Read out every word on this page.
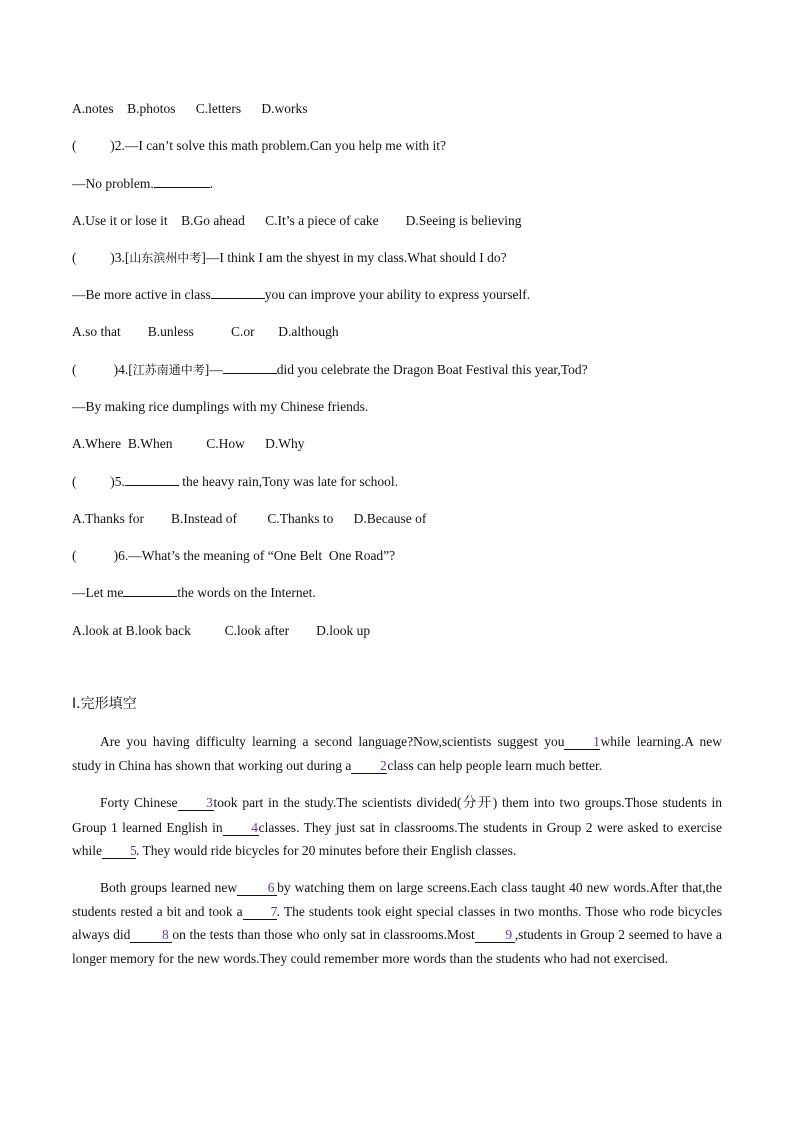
A.notes    B.photos      C.letters      D.works
(          )2.—I can’t solve this math problem.Can you help me with it?
—No problem.	.
A.Use it or lose it    B.Go ahead      C.It’s a piece of cake        D.Seeing is believing
(          )3.[山东滨州中考]—I think I am the shyest in my class.What should I do?
—Be more active in class	you can improve your ability to express yourself.
A.so that        B.unless           C.or       D.although
(           )4.[江苏南通中考]—	did you celebrate the Dragon Boat Festival this year,Tod?
—By making rice dumplings with my Chinese friends.
A.Where  B.When          C.How      D.Why
(          )5.	the heavy rain,Tony was late for school.
A.Thanks for        B.Instead of         C.Thanks to      D.Because of
(           )6.—What’s the meaning of “One Belt  One Road”?
—Let me	the words on the Internet.
A.look at B.look back          C.look after        D.look up
Ⅰ.完形填空

Are you having difficulty learning a second language?Now,scientists suggest you 1while learning.A new study in China has shown that working out during a 2class can help people learn much better.

Forty Chinese 3took part in the study.The scientists divided(分开) them into two groups.Those students in Group 1 learned English in 4classes. They just sat in classrooms.The students in Group 2 were asked to exercise while 5. They would ride bicycles for 20 minutes before their English classes.

Both groups learned new 6 by watching them on large screens.Each class taught 40 new words.After that,the students rested a bit and took a 7. The students took eight special classes in two months. Those who rode bicycles always did 8 on the tests than those who only sat in classrooms.Most 9 ,students in Group 2 seemed to have a longer memory for the new words.They could remember more words than the students who had not exercised.
